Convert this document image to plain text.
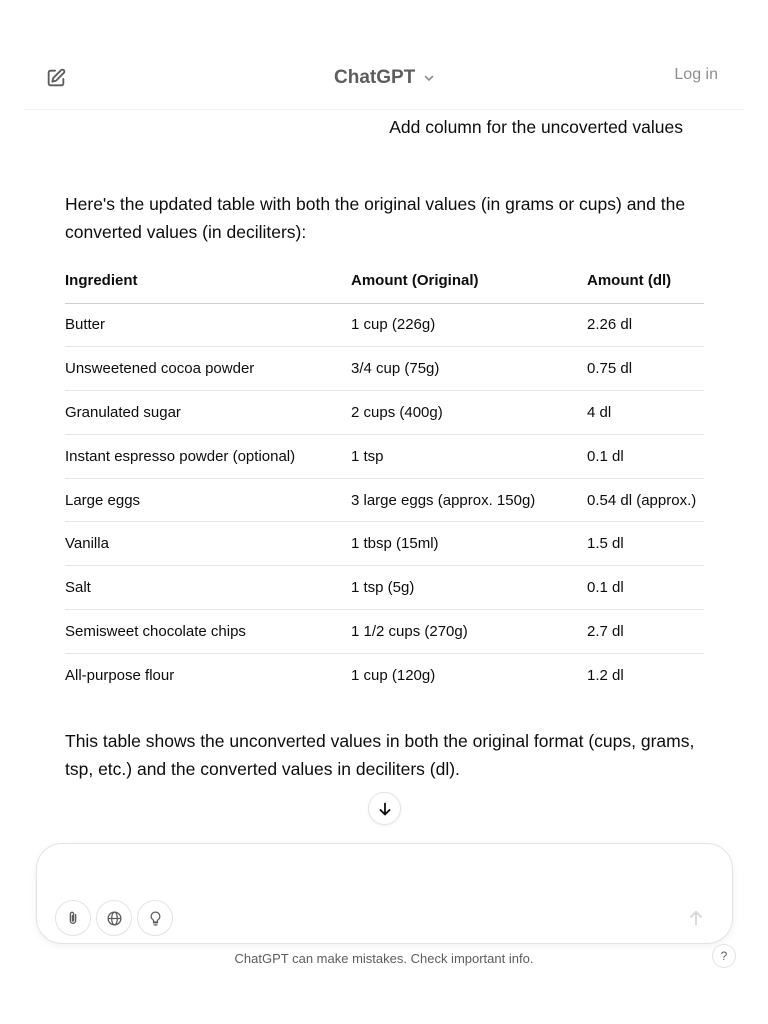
ChatGPT	Log in
Add column for the uncoverted values
Here's the updated table with both the original values (in grams or cups) and the converted values (in deciliters):
Ingredient	Amount (Original)	Amount (dl)
Butter	1 cup (226g)	2.26 dl
Unsweetened cocoa powder	3/4 cup (75g)	0.75 dl
Granulated sugar	2 cups (400g)	4 dl
Instant espresso powder (optional)	1 tsp	0.1 dl
Large eggs	3 large eggs (approx. 150g)	0.54 dl (approx.)
Vanilla	1 tbsp (15ml)	1.5 dl
Salt	1 tsp (5g)	0.1 dl
Semisweet chocolate chips	1 1/2 cups (270g)	2.7 dl
All-purpose flour	1 cup (120g)	1.2 dl
This table shows the unconverted values in both the original format (cups, grams, tsp, etc.) and the converted values in deciliters (dl).
ChatGPT can make mistakes. Check important info.	?
